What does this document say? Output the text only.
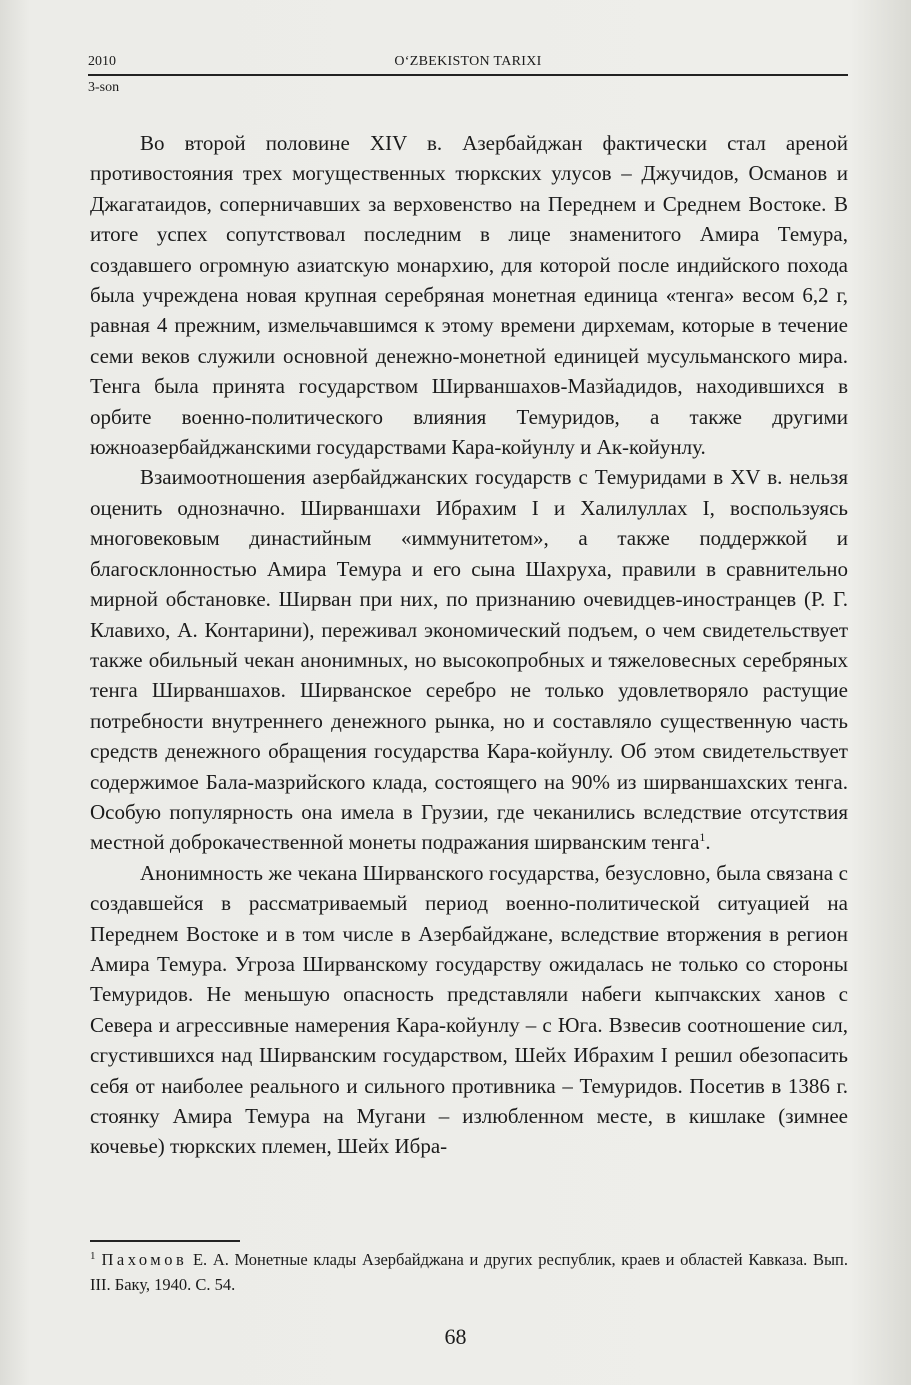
2010	O‘ZBEKISTON TARIXI
3-son

Во второй половине XIV в. Азербайджан фактически стал ареной противостояния трех могущественных тюркских улусов – Джучидов, Османов и Джагатаидов, соперничавших за верховенство на Переднем и Среднем Востоке. В итоге успех сопутствовал последним в лице знаменитого Амира Темура, создавшего огромную азиатскую монархию, для которой после индийского похода была учреждена новая крупная серебряная монетная единица «тенга» весом 6,2 г, равная 4 прежним, измельчавшимся к этому времени дирхемам, которые в течение семи веков служили основной денежно-монетной единицей мусульманского мира. Тенга была принята государством Ширваншахов-Мазйадидов, находившихся в орбите военно-политического влияния Темуридов, а также другими южноазербайджанскими государствами Кара-койунлу и Ак-койунлу.

Взаимоотношения азербайджанских государств с Темуридами в XV в. нельзя оценить однозначно. Ширваншахи Ибрахим I и Халилуллах I, воспользуясь многовековым династийным «иммунитетом», а также поддержкой и благосклонностью Амира Темура и его сына Шахруха, правили в сравнительно мирной обстановке. Ширван при них, по признанию очевидцев-иностранцев (Р. Г. Клавихо, А. Контарини), переживал экономический подъем, о чем свидетельствует также обильный чекан анонимных, но высокопробных и тяжеловесных серебряных тенга Ширваншахов. Ширванское серебро не только удовлетворяло растущие потребности внутреннего денежного рынка, но и составляло существенную часть средств денежного обращения государства Кара-койунлу. Об этом свидетельствует содержимое Бала-мазрийского клада, состоящего на 90% из ширваншахских тенга. Особую популярность она имела в Грузии, где чеканились вследствие отсутствия местной доброкачественной монеты подражания ширванским тенга$^1$.

Анонимность же чекана Ширванского государства, безусловно, была связана с создавшейся в рассматриваемый период военно-политической ситуацией на Переднем Востоке и в том числе в Азербайджане, вследствие вторжения в регион Амира Темура. Угроза Ширванскому государству ожидалась не только со стороны Темуридов. Не меньшую опасность представляли набеги кыпчакских ханов с Севера и агрессивные намерения Кара-койунлу – с Юга. Взвесив соотношение сил, сгустившихся над Ширванским государством, Шейх Ибрахим I решил обезопасить себя от наиболее реального и сильного противника – Темуридов. Посетив в 1386 г. стоянку Амира Темура на Мугани – излюбленном месте, в кишлаке (зимнее кочевье) тюркских племен, Шейх Ибра-

$^1$ Пахомов Е. А. Монетные клады Азербайджана и других республик, краев и областей Кавказа. Вып. III. Баку, 1940. С. 54.
68
